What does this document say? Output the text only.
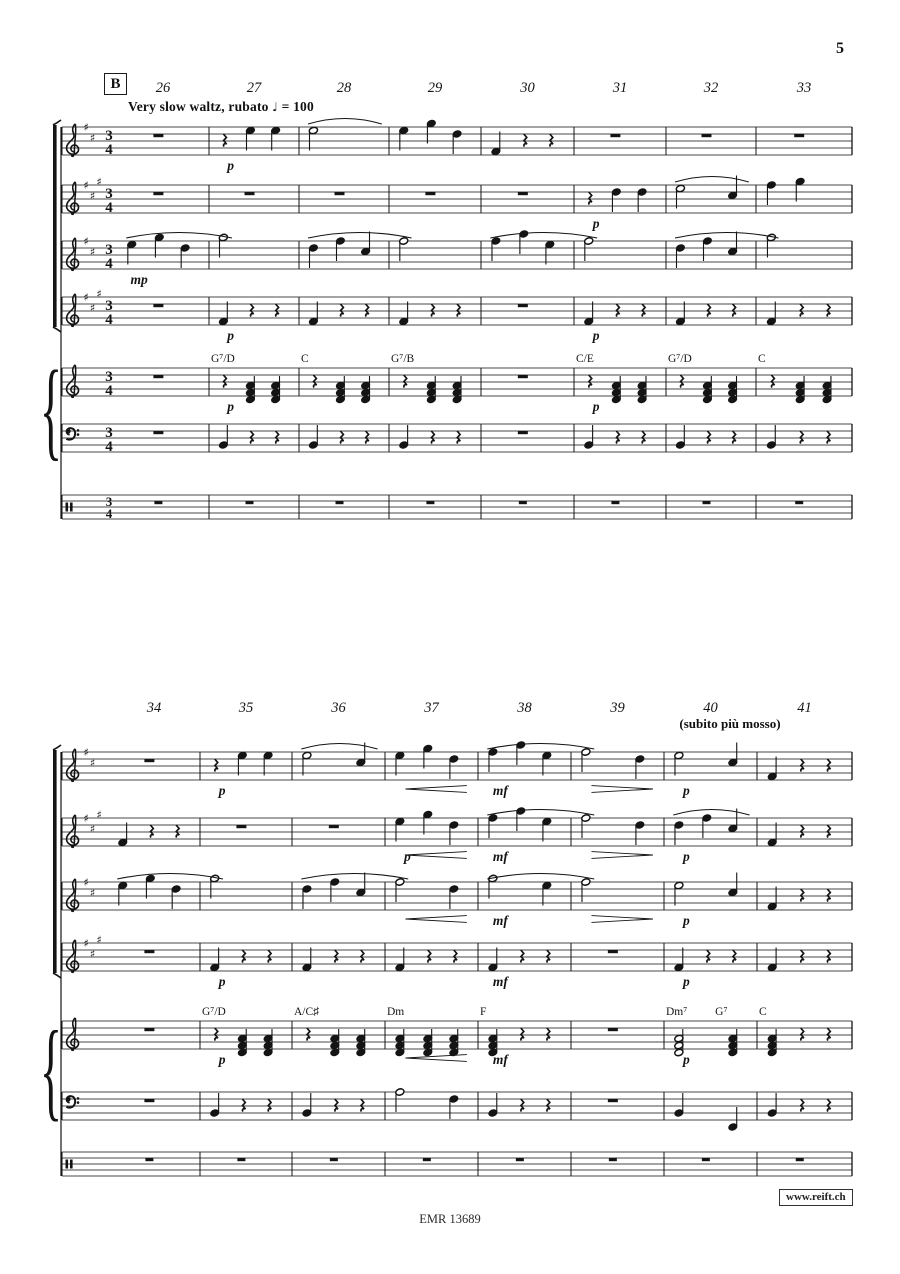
26	27	28	29	30	31	32	33
{
♯
♯ 3
4
p
♯
♯
♯
3
4
p
♯
♯ 3
4
mp
♯
♯
♯
3
4
p	p
3
4
p	p
3
4
3
4
G⁷/D	C	G⁷/B	C/E	G⁷/D	C
34	35	36	37	38	39	40	41
{
♯
♯
p	mf	p
♯
♯
♯
p	mf	p
♯
♯
mf	p
♯
♯
♯
p	mf	p
p	mf	p
G⁷/D	A/C♯	Dm	F	Dm⁷ G⁷	C
5
B
Very slow waltz, rubato ♩ = 100
(subito più mosso)
EMR 13689
www.reift.ch
